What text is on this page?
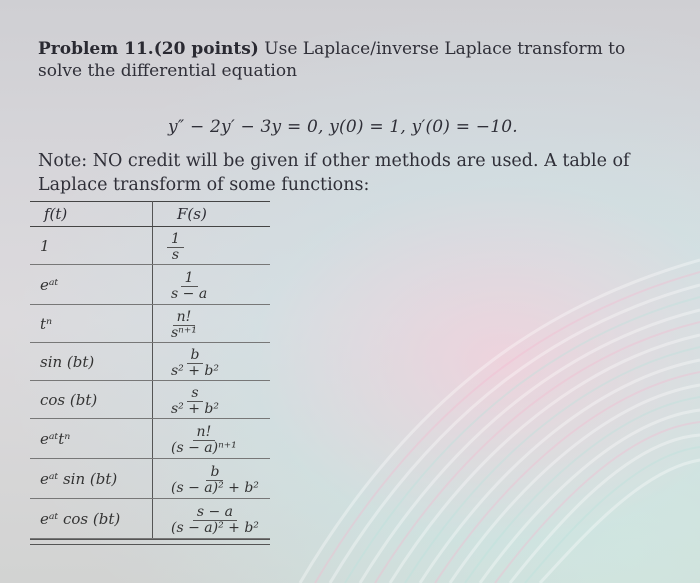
Problem 11.(20 points) Use Laplace/inverse Laplace transform to solve the differential equation
y″ − 2y′ − 3y = 0, y(0) = 1, y′(0) = −10.
Note: NO credit will be given if other methods are used. A table of Laplace transform of some functions:
f(t)	F(s)
1	$\frac{1}{s}$

eᵃᵗ	$\frac{1}{s - a}$

tⁿ	$\frac{n!}{\text{sⁿ⁺¹}}$

sin (bt)	$\frac{b}{\text{s² + b²}}$

cos (bt)	$\frac{s}{\text{s² + b²}}$

eᵃᵗtⁿ	$\frac{n!}{\text{(s − a)ⁿ⁺¹}}$

eᵃᵗ sin (bt)	$\frac{b}{\text{(s − a)² + b²}}$

eᵃᵗ cos (bt)	$\frac{s - a}{\text{(s − a)² + b²}}$
